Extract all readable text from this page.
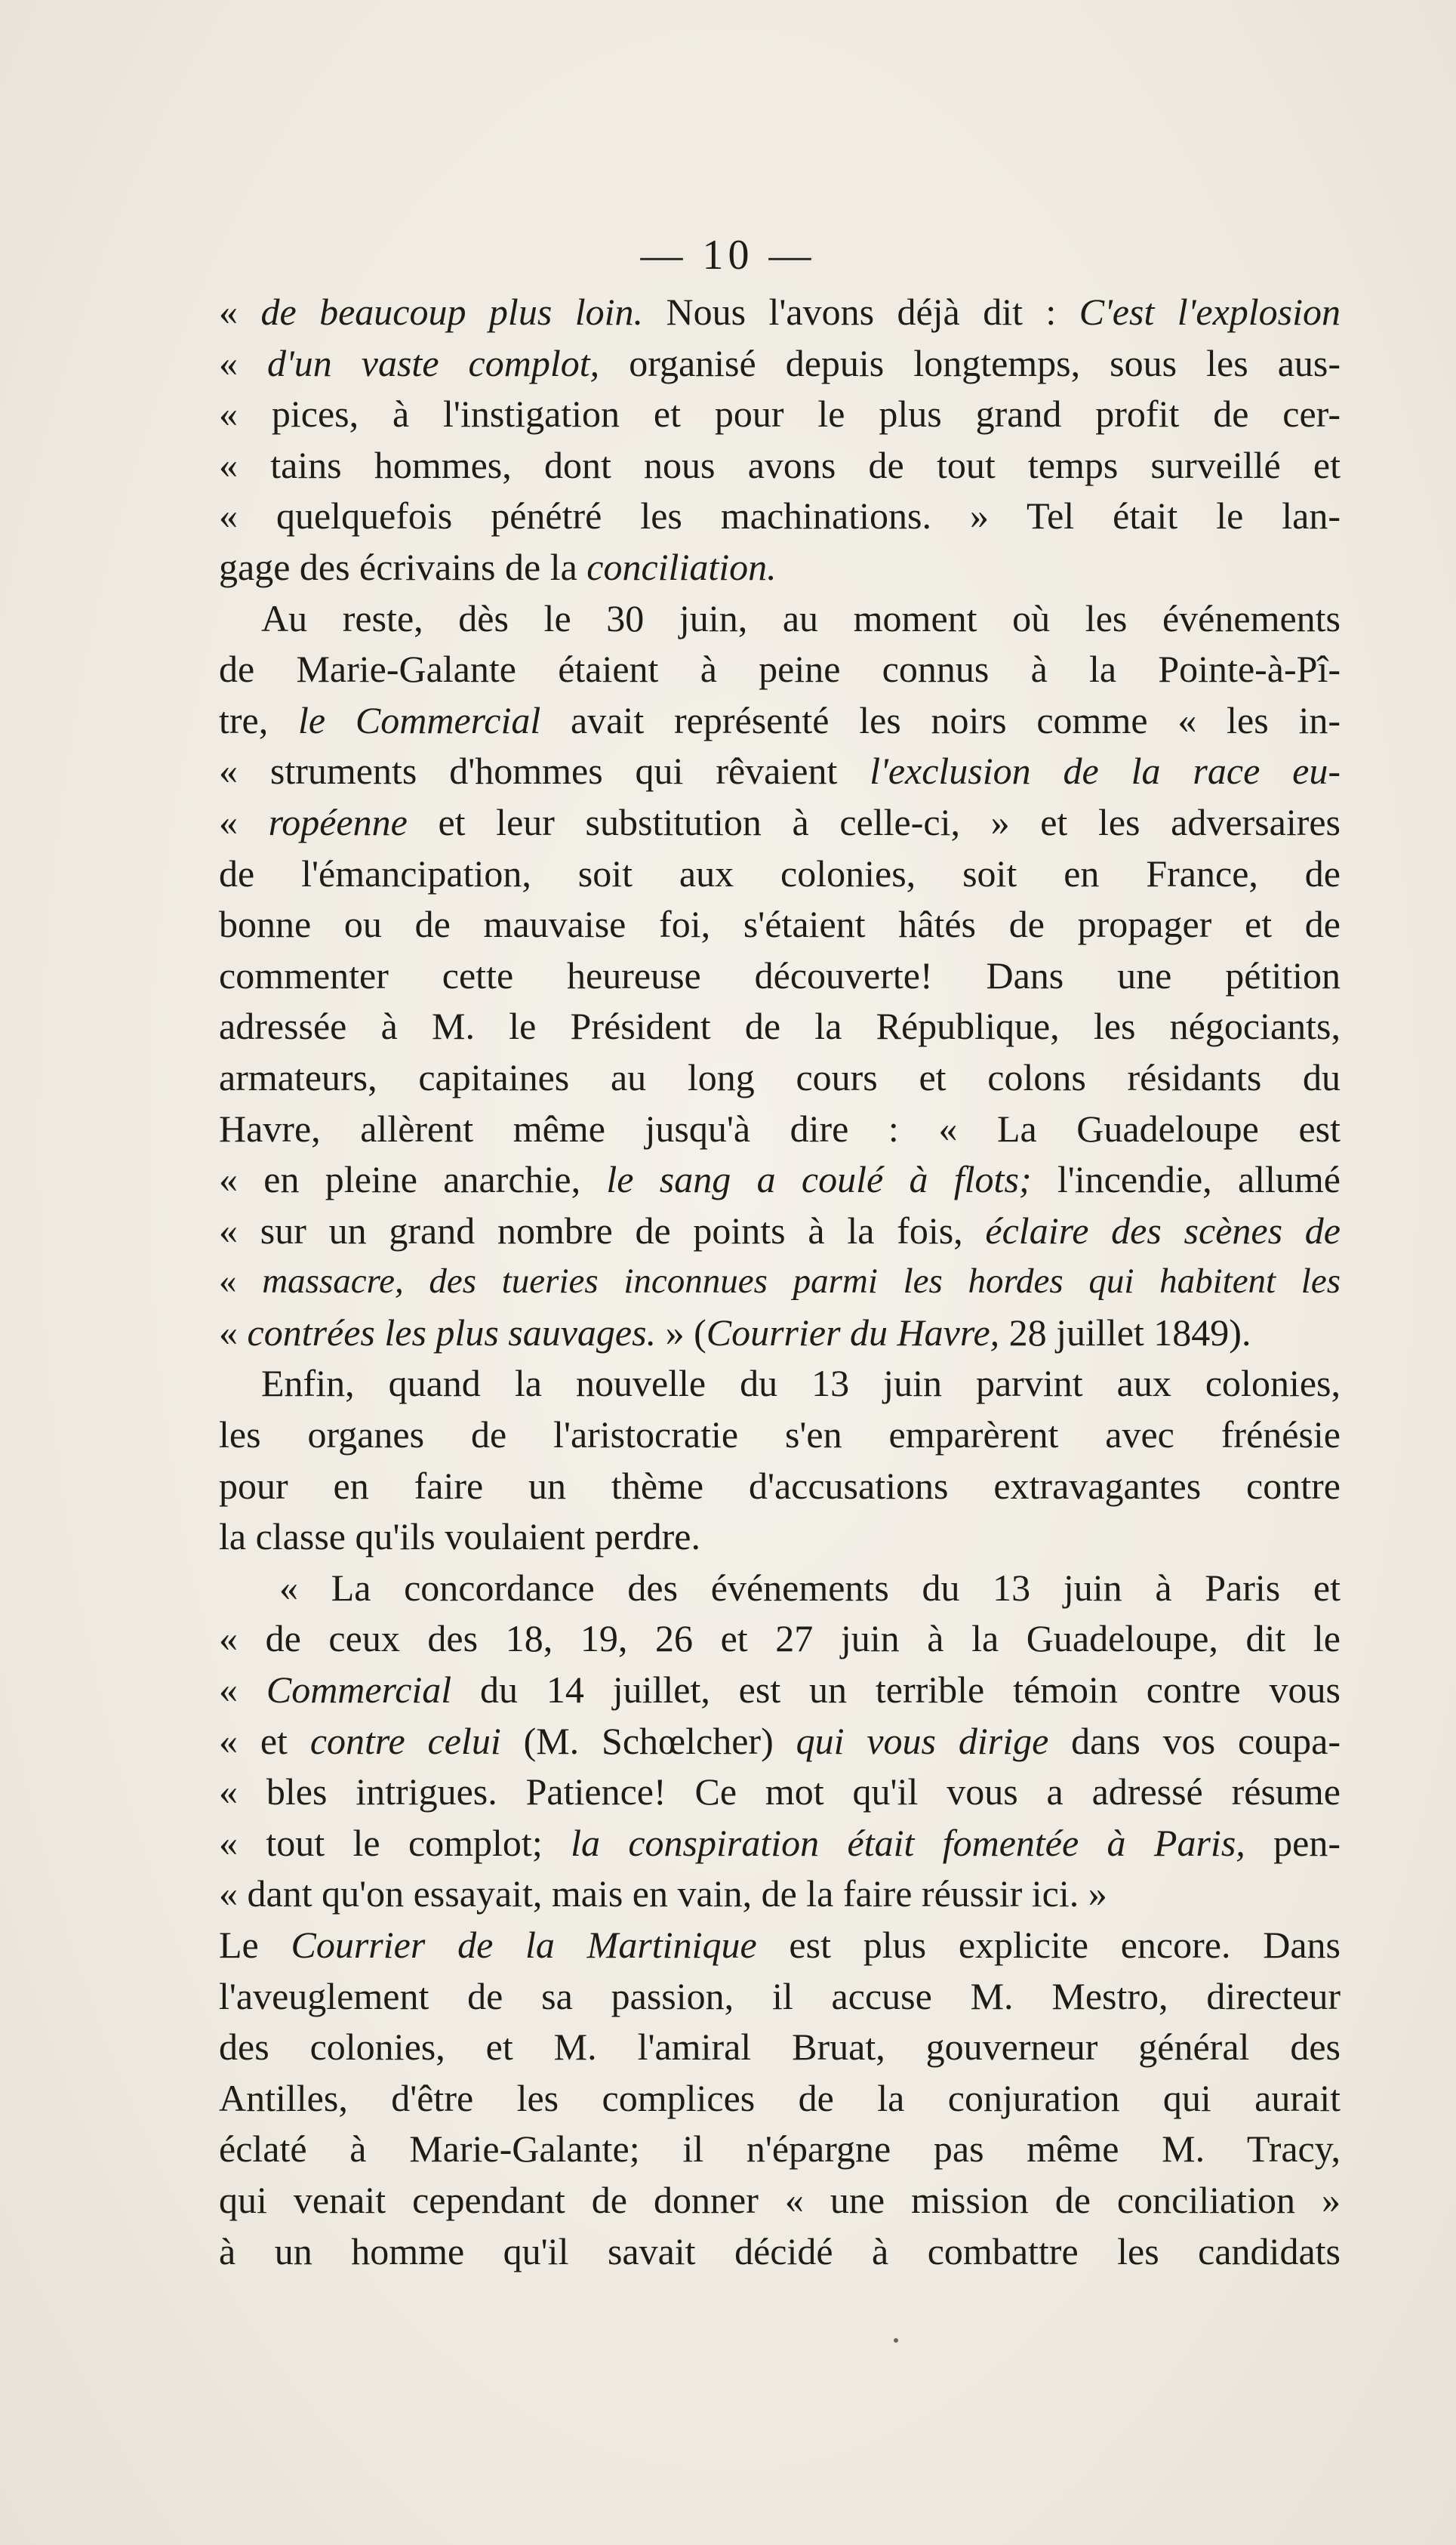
— 10 —
« de beaucoup plus loin. Nous l'avons déjà dit : C'est l'explosion
« d'un vaste complot, organisé depuis longtemps, sous les aus-
« pices, à l'instigation et pour le plus grand profit de cer-
« tains hommes, dont nous avons de tout temps surveillé et
« quelquefois pénétré les machinations. » Tel était le lan-
gage des écrivains de la conciliation.
Au reste, dès le 30 juin, au moment où les événements
de Marie-Galante étaient à peine connus à la Pointe-à-Pî-
tre, le Commercial avait représenté les noirs comme « les in-
« struments d'hommes qui rêvaient l'exclusion de la race eu-
« ropéenne et leur substitution à celle-ci, » et les adversaires
de l'émancipation, soit aux colonies, soit en France, de
bonne ou de mauvaise foi, s'étaient hâtés de propager et de
commenter cette heureuse découverte! Dans une pétition
adressée à M. le Président de la République, les négociants,
armateurs, capitaines au long cours et colons résidants du
Havre, allèrent même jusqu'à dire : « La Guadeloupe est
« en pleine anarchie, le sang a coulé à flots; l'incendie, allumé
« sur un grand nombre de points à la fois, éclaire des scènes de
« massacre, des tueries inconnues parmi les hordes qui habitent les
« contrées les plus sauvages. » (Courrier du Havre, 28 juillet 1849).
Enfin, quand la nouvelle du 13 juin parvint aux colonies,
les organes de l'aristocratie s'en emparèrent avec frénésie
pour en faire un thème d'accusations extravagantes contre
la classe qu'ils voulaient perdre.
« La concordance des événements du 13 juin à Paris et
« de ceux des 18, 19, 26 et 27 juin à la Guadeloupe, dit le
« Commercial du 14 juillet, est un terrible témoin contre vous
« et contre celui (M. Schœlcher) qui vous dirige dans vos coupa-
« bles intrigues. Patience! Ce mot qu'il vous a adressé résume
« tout le complot; la conspiration était fomentée à Paris, pen-
« dant qu'on essayait, mais en vain, de la faire réussir ici. »
Le Courrier de la Martinique est plus explicite encore. Dans
l'aveuglement de sa passion, il accuse M. Mestro, directeur
des colonies, et M. l'amiral Bruat, gouverneur général des
Antilles, d'être les complices de la conjuration qui aurait
éclaté à Marie-Galante; il n'épargne pas même M. Tracy,
qui venait cependant de donner « une mission de conciliation »
à un homme qu'il savait décidé à combattre les candidats
